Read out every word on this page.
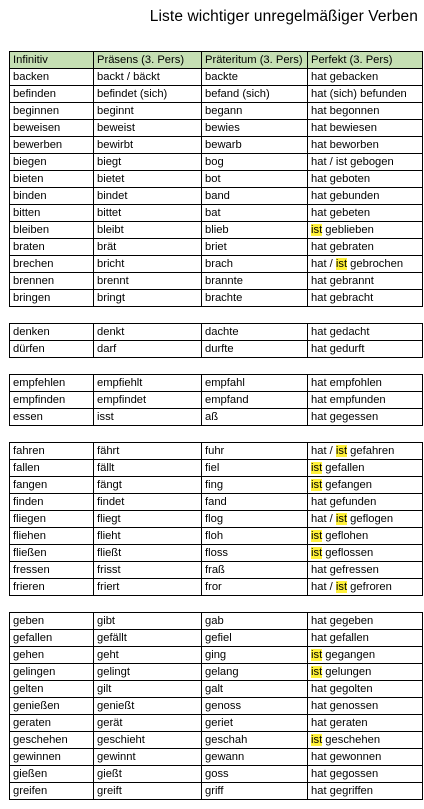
Liste wichtiger unregelmäßiger Verben
Infinitiv	Präsens (3. Pers)	Präteritum (3. Pers)	Perfekt (3. Pers)
backen	backt / bäckt	backte	hat gebacken
befinden	befindet (sich)	befand (sich)	hat (sich) befunden
beginnen	beginnt	begann	hat begonnen
beweisen	beweist	bewies	hat bewiesen
bewerben	bewirbt	bewarb	hat beworben
biegen	biegt	bog	hat / ist gebogen
bieten	bietet	bot	hat geboten
binden	bindet	band	hat gebunden
bitten	bittet	bat	hat gebeten
bleiben	bleibt	blieb	ist geblieben
braten	brät	briet	hat gebraten
brechen	bricht	brach	hat / ist gebrochen
brennen	brennt	brannte	hat gebrannt
bringen	bringt	brachte	hat gebracht

denken	denkt	dachte	hat gedacht
dürfen	darf	durfte	hat gedurft

empfehlen	empfiehlt	empfahl	hat empfohlen
empfinden	empfindet	empfand	hat empfunden
essen	isst	aß	hat gegessen

fahren	fährt	fuhr	hat / ist gefahren
fallen	fällt	fiel	ist gefallen
fangen	fängt	fing	ist gefangen
finden	findet	fand	hat gefunden
fliegen	fliegt	flog	hat / ist geflogen
fliehen	flieht	floh	ist geflohen
fließen	fließt	floss	ist geflossen
fressen	frisst	fraß	hat gefressen
frieren	friert	fror	hat / ist gefroren

geben	gibt	gab	hat gegeben
gefallen	gefällt	gefiel	hat gefallen
gehen	geht	ging	ist gegangen
gelingen	gelingt	gelang	ist gelungen
gelten	gilt	galt	hat gegolten
genießen	genießt	genoss	hat genossen
geraten	gerät	geriet	hat geraten
geschehen	geschieht	geschah	ist geschehen
gewinnen	gewinnt	gewann	hat gewonnen
gießen	gießt	goss	hat gegossen
greifen	greift	griff	hat gegriffen
